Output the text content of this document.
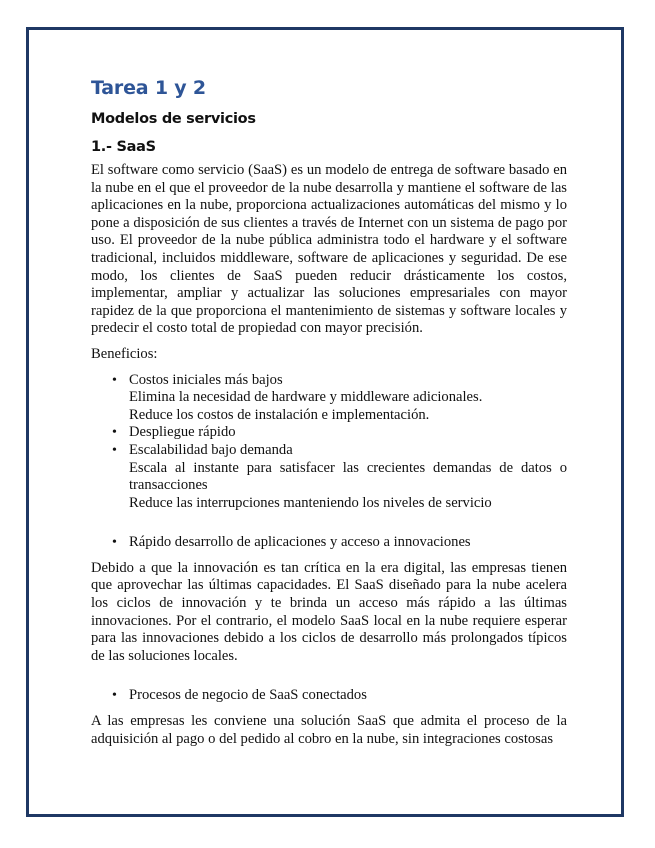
Tarea 1 y 2
Modelos de servicios
1.- SaaS

El software como servicio (SaaS) es un modelo de entrega de software basado en la nube en el que el proveedor de la nube desarrolla y mantiene el software de las aplicaciones en la nube, proporciona actualizaciones automáticas del mismo y lo pone a disposición de sus clientes a través de Internet con un sistema de pago por uso. El proveedor de la nube pública administra todo el hardware y el software tradicional, incluidos middleware, software de aplicaciones y seguridad. De ese modo, los clientes de SaaS pueden reducir drásticamente los costos, implementar, ampliar y actualizar las soluciones empresariales con mayor rapidez de la que proporciona el mantenimiento de sistemas y software locales y predecir el costo total de propiedad con mayor precisión.

Beneficios:

• Costos iniciales más bajos
Elimina la necesidad de hardware y middleware adicionales.
Reduce los costos de instalación e implementación.
• Despliegue rápido
• Escalabilidad bajo demanda
Escala al instante para satisfacer las crecientes demandas de datos o transacciones
Reduce las interrupciones manteniendo los niveles de servicio
• Rápido desarrollo de aplicaciones y acceso a innovaciones

Debido a que la innovación es tan crítica en la era digital, las empresas tienen que aprovechar las últimas capacidades. El SaaS diseñado para la nube acelera los ciclos de innovación y te brinda un acceso más rápido a las últimas innovaciones. Por el contrario, el modelo SaaS local en la nube requiere esperar para las innovaciones debido a los ciclos de desarrollo más prolongados típicos de las soluciones locales.

• Procesos de negocio de SaaS conectados

A las empresas les conviene una solución SaaS que admita el proceso de la adquisición al pago o del pedido al cobro en la nube, sin integraciones costosas
